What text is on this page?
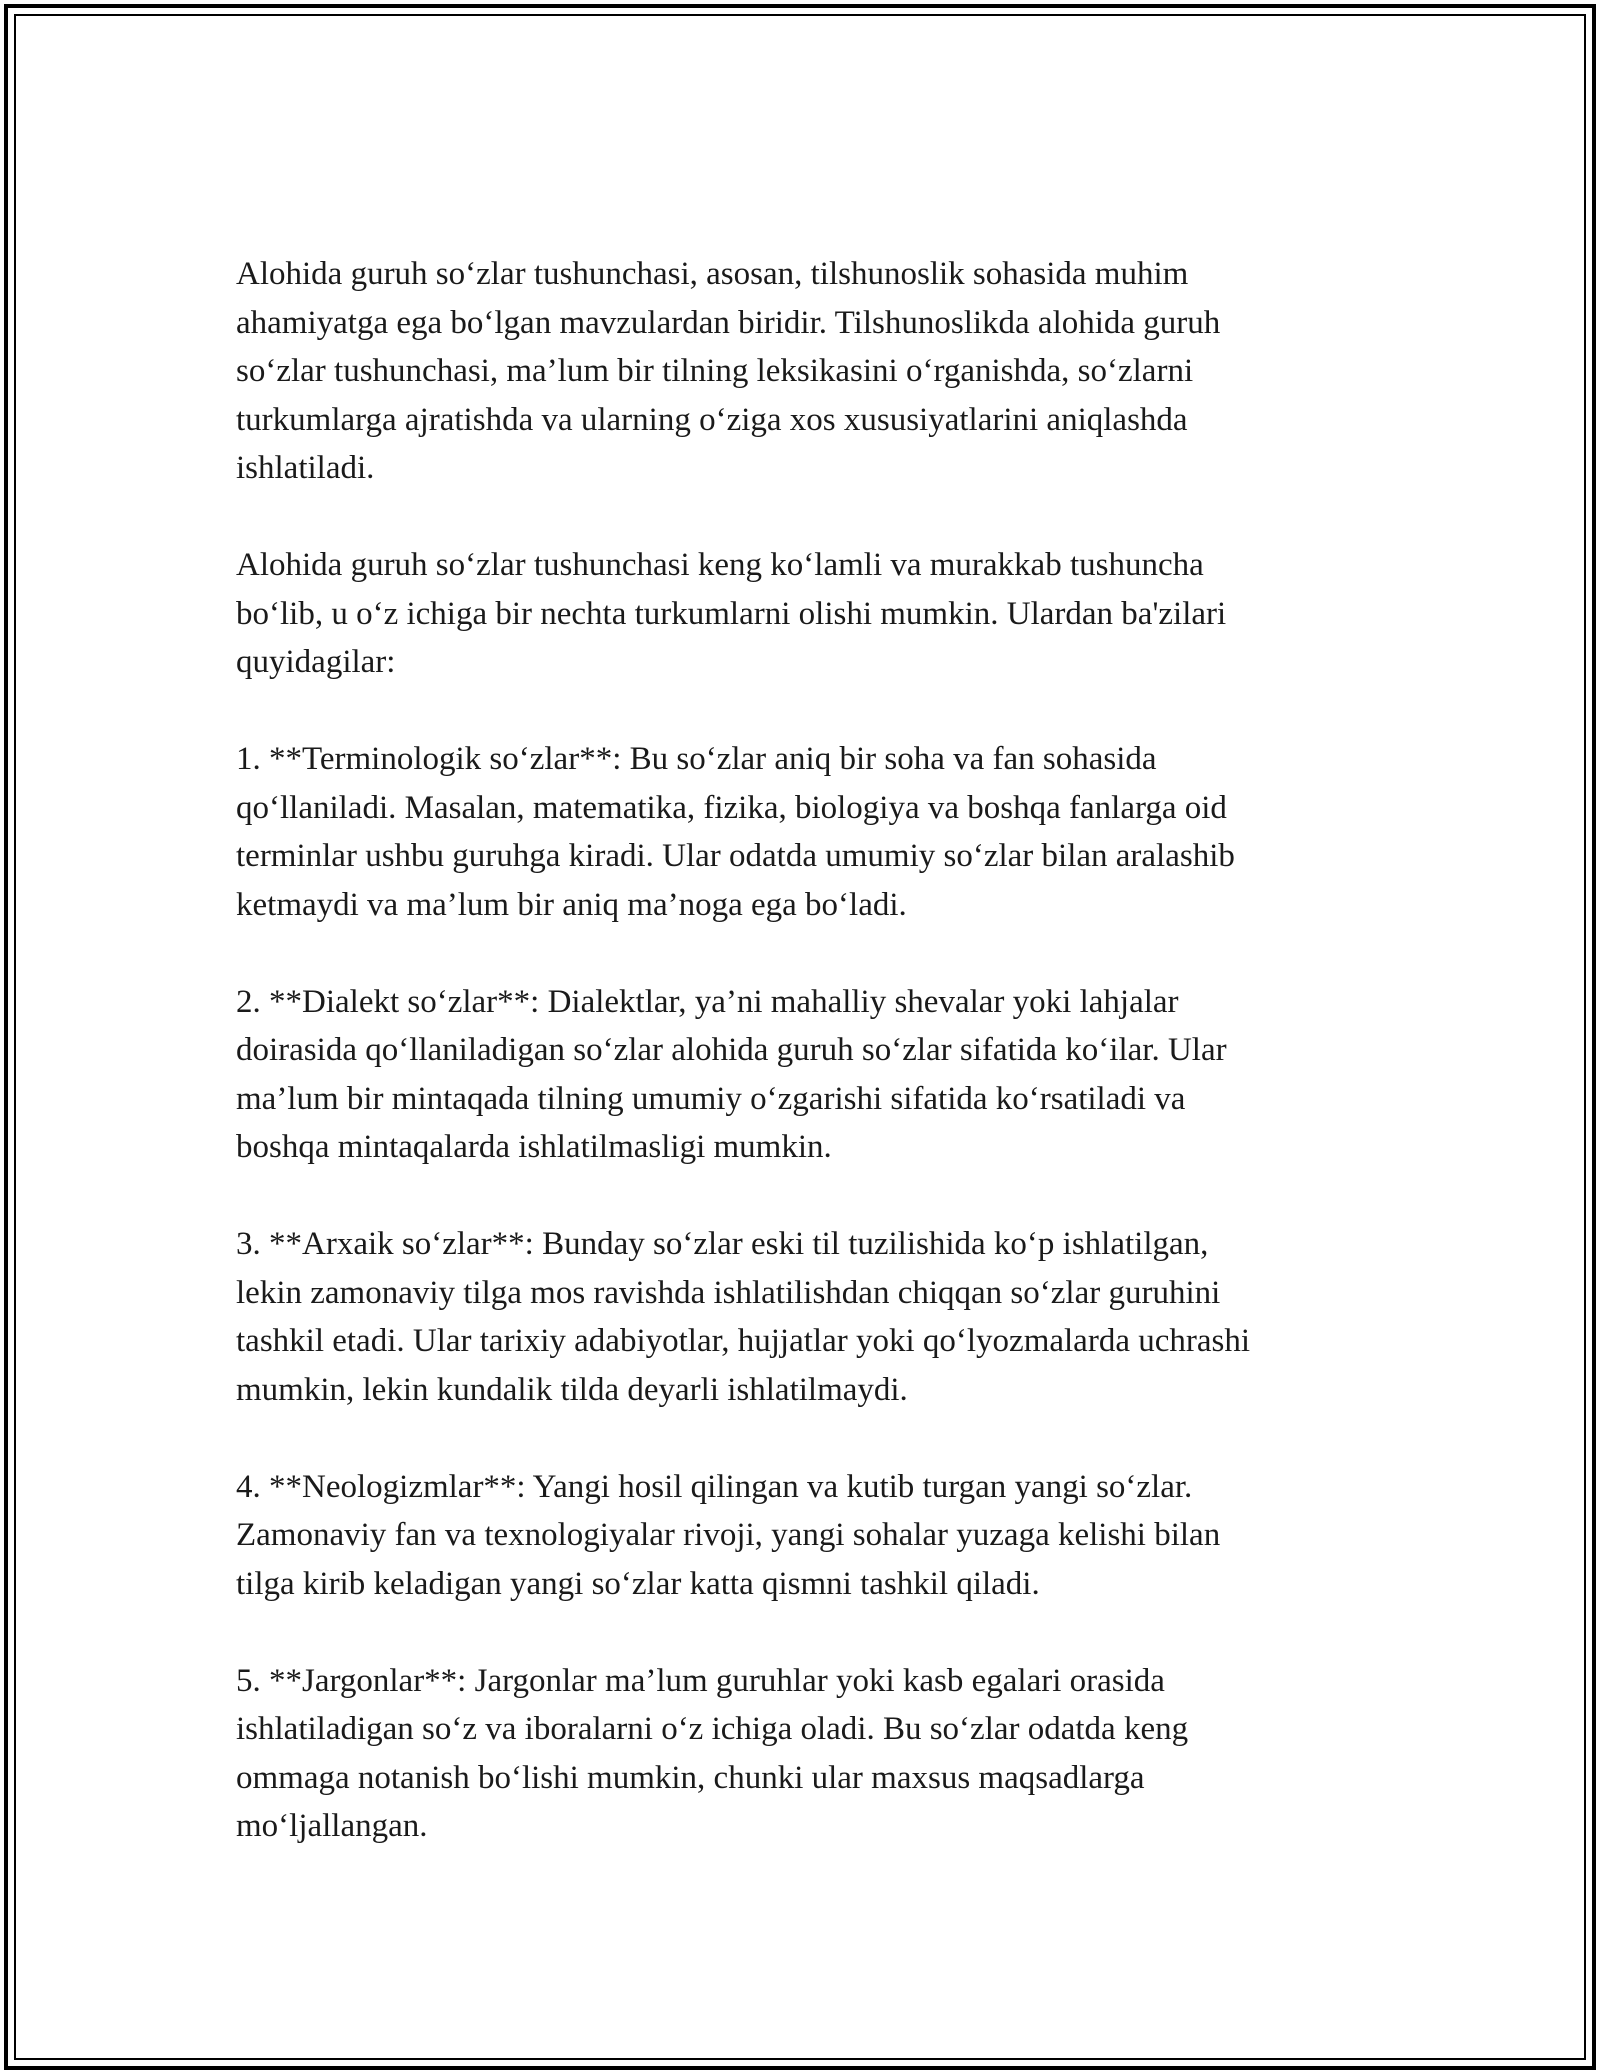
Alohida guruh so‘zlar tushunchasi, asosan, tilshunoslik sohasida muhim
ahamiyatga ega bo‘lgan mavzulardan biridir. Tilshunoslikda alohida guruh
so‘zlar tushunchasi, ma’lum bir tilning leksikasini o‘rganishda, so‘zlarni
turkumlarga ajratishda va ularning o‘ziga xos xususiyatlarini aniqlashda
ishlatiladi.

Alohida guruh so‘zlar tushunchasi keng ko‘lamli va murakkab tushuncha
bo‘lib, u o‘z ichiga bir nechta turkumlarni olishi mumkin. Ulardan ba'zilari
quyidagilar:

1. **Terminologik so‘zlar**: Bu so‘zlar aniq bir soha va fan sohasida
qo‘llaniladi. Masalan, matematika, fizika, biologiya va boshqa fanlarga oid
terminlar ushbu guruhga kiradi. Ular odatda umumiy so‘zlar bilan aralashib
ketmaydi va ma’lum bir aniq ma’noga ega bo‘ladi.

2. **Dialekt so‘zlar**: Dialektlar, ya’ni mahalliy shevalar yoki lahjalar
doirasida qo‘llaniladigan so‘zlar alohida guruh so‘zlar sifatida ko‘ilar. Ular
ma’lum bir mintaqada tilning umumiy o‘zgarishi sifatida ko‘rsatiladi va
boshqa mintaqalarda ishlatilmasligi mumkin.

3. **Arxaik so‘zlar**: Bunday so‘zlar eski til tuzilishida ko‘p ishlatilgan,
lekin zamonaviy tilga mos ravishda ishlatilishdan chiqqan so‘zlar guruhini
tashkil etadi. Ular tarixiy adabiyotlar, hujjatlar yoki qo‘lyozmalarda uchrashi
mumkin, lekin kundalik tilda deyarli ishlatilmaydi.

4. **Neologizmlar**: Yangi hosil qilingan va kutib turgan yangi so‘zlar.
Zamonaviy fan va texnologiyalar rivoji, yangi sohalar yuzaga kelishi bilan
tilga kirib keladigan yangi so‘zlar katta qismni tashkil qiladi.

5. **Jargonlar**: Jargonlar ma’lum guruhlar yoki kasb egalari orasida
ishlatiladigan so‘z va iboralarni o‘z ichiga oladi. Bu so‘zlar odatda keng
ommaga notanish bo‘lishi mumkin, chunki ular maxsus maqsadlarga
mo‘ljallangan.
